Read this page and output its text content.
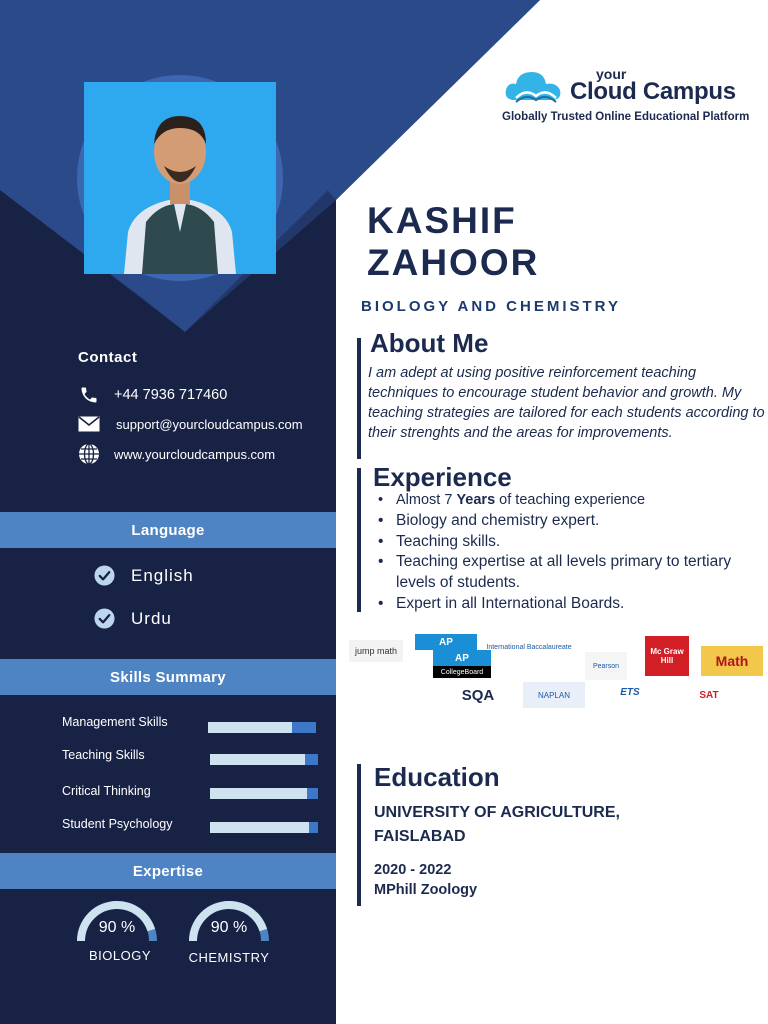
Contact
+44 7936 717460
support@yourcloudcampus.com
www.yourcloudcampus.com
Language
English
Urdu
Skills Summary
Management Skills
Teaching Skills
Critical Thinking
Student Psychology
Expertise
90 %
BIOLOGY
90 %
CHEMISTRY
your
Cloud Campus
Globally Trusted Online Educational Platform
KASHIF
ZAHOOR
BIOLOGY AND CHEMISTRY
About Me
I am adept at using positive reinforcement teaching techniques to encourage student behavior and growth. My teaching strategies are tailored for each students according to their strenghts and the areas for improvements.
Experience
• Almost 7 Years of teaching experience
• Biology and chemistry expert.
• Teaching skills.
• Teaching expertise at all levels primary to tertiary levels of students.
• Expert in all International Boards.
jump math
AP	International Baccalaureate
Pearson
Mc Graw Hill	Math
AP
CollegeBoard
SQA	NAPLAN	ETS	SAT
Education
UNIVERSITY OF AGRICULTURE, FAISLABAD
2020 - 2022
MPhill Zoology
